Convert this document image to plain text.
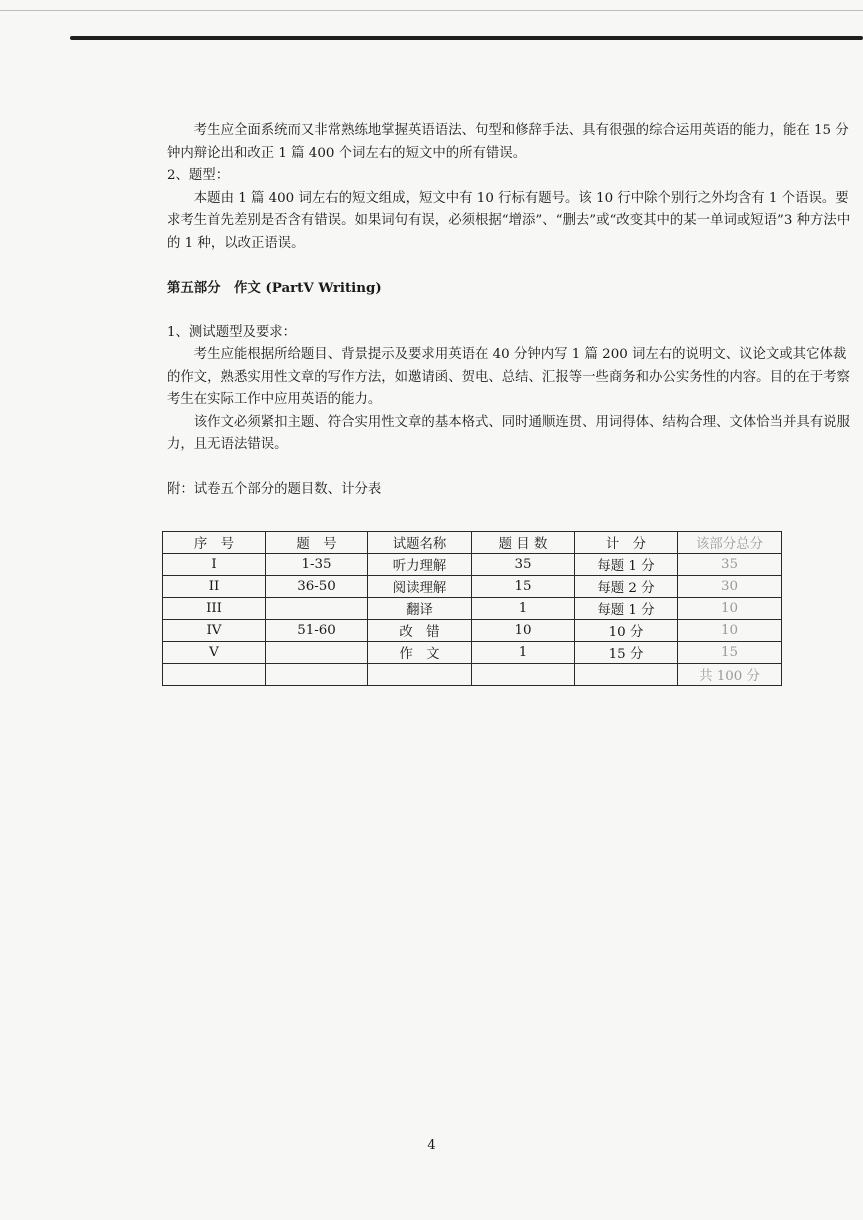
考生应全面系统而又非常熟练地掌握英语语法、句型和修辞手法、具有很强的综合运用英语的能力，能在 15 分钟内辩论出和改正 1 篇 400 个词左右的短文中的所有错误。

2、题型：

本题由 1 篇 400 词左右的短文组成，短文中有 10 行标有题号。该 10 行中除个别行之外均含有 1 个语误。要求考生首先差别是否含有错误。如果词句有误，必须根据“增添”、“删去”或“改变其中的某一单词或短语”3 种方法中的 1 种，以改正语误。

第五部分　作文 (PartⅤ Writing)

1、测试题型及要求：

考生应能根据所给题目、背景提示及要求用英语在 40 分钟内写 1 篇 200 词左右的说明文、议论文或其它体裁的作文，熟悉实用性文章的写作方法，如邀请函、贺电、总结、汇报等一些商务和办公实务性的内容。目的在于考察考生在实际工作中应用英语的能力。

该作文必须紧扣主题、符合实用性文章的基本格式、同时通顺连贯、用词得体、结构合理、文体恰当并具有说服力，且无语法错误。

附：试卷五个部分的题目数、计分表

序　号	题　号	试题名称	题 目 数	计　分	该部分总分
I	1-35	听力理解	35	每题 1 分	35
II	36-50	阅读理解	15	每题 2 分	30
III		翻译	1	每题 1 分	10
IV	51-60	改　错	10	10 分	10
V		作　文	1	15 分	15
					共 100 分
4
